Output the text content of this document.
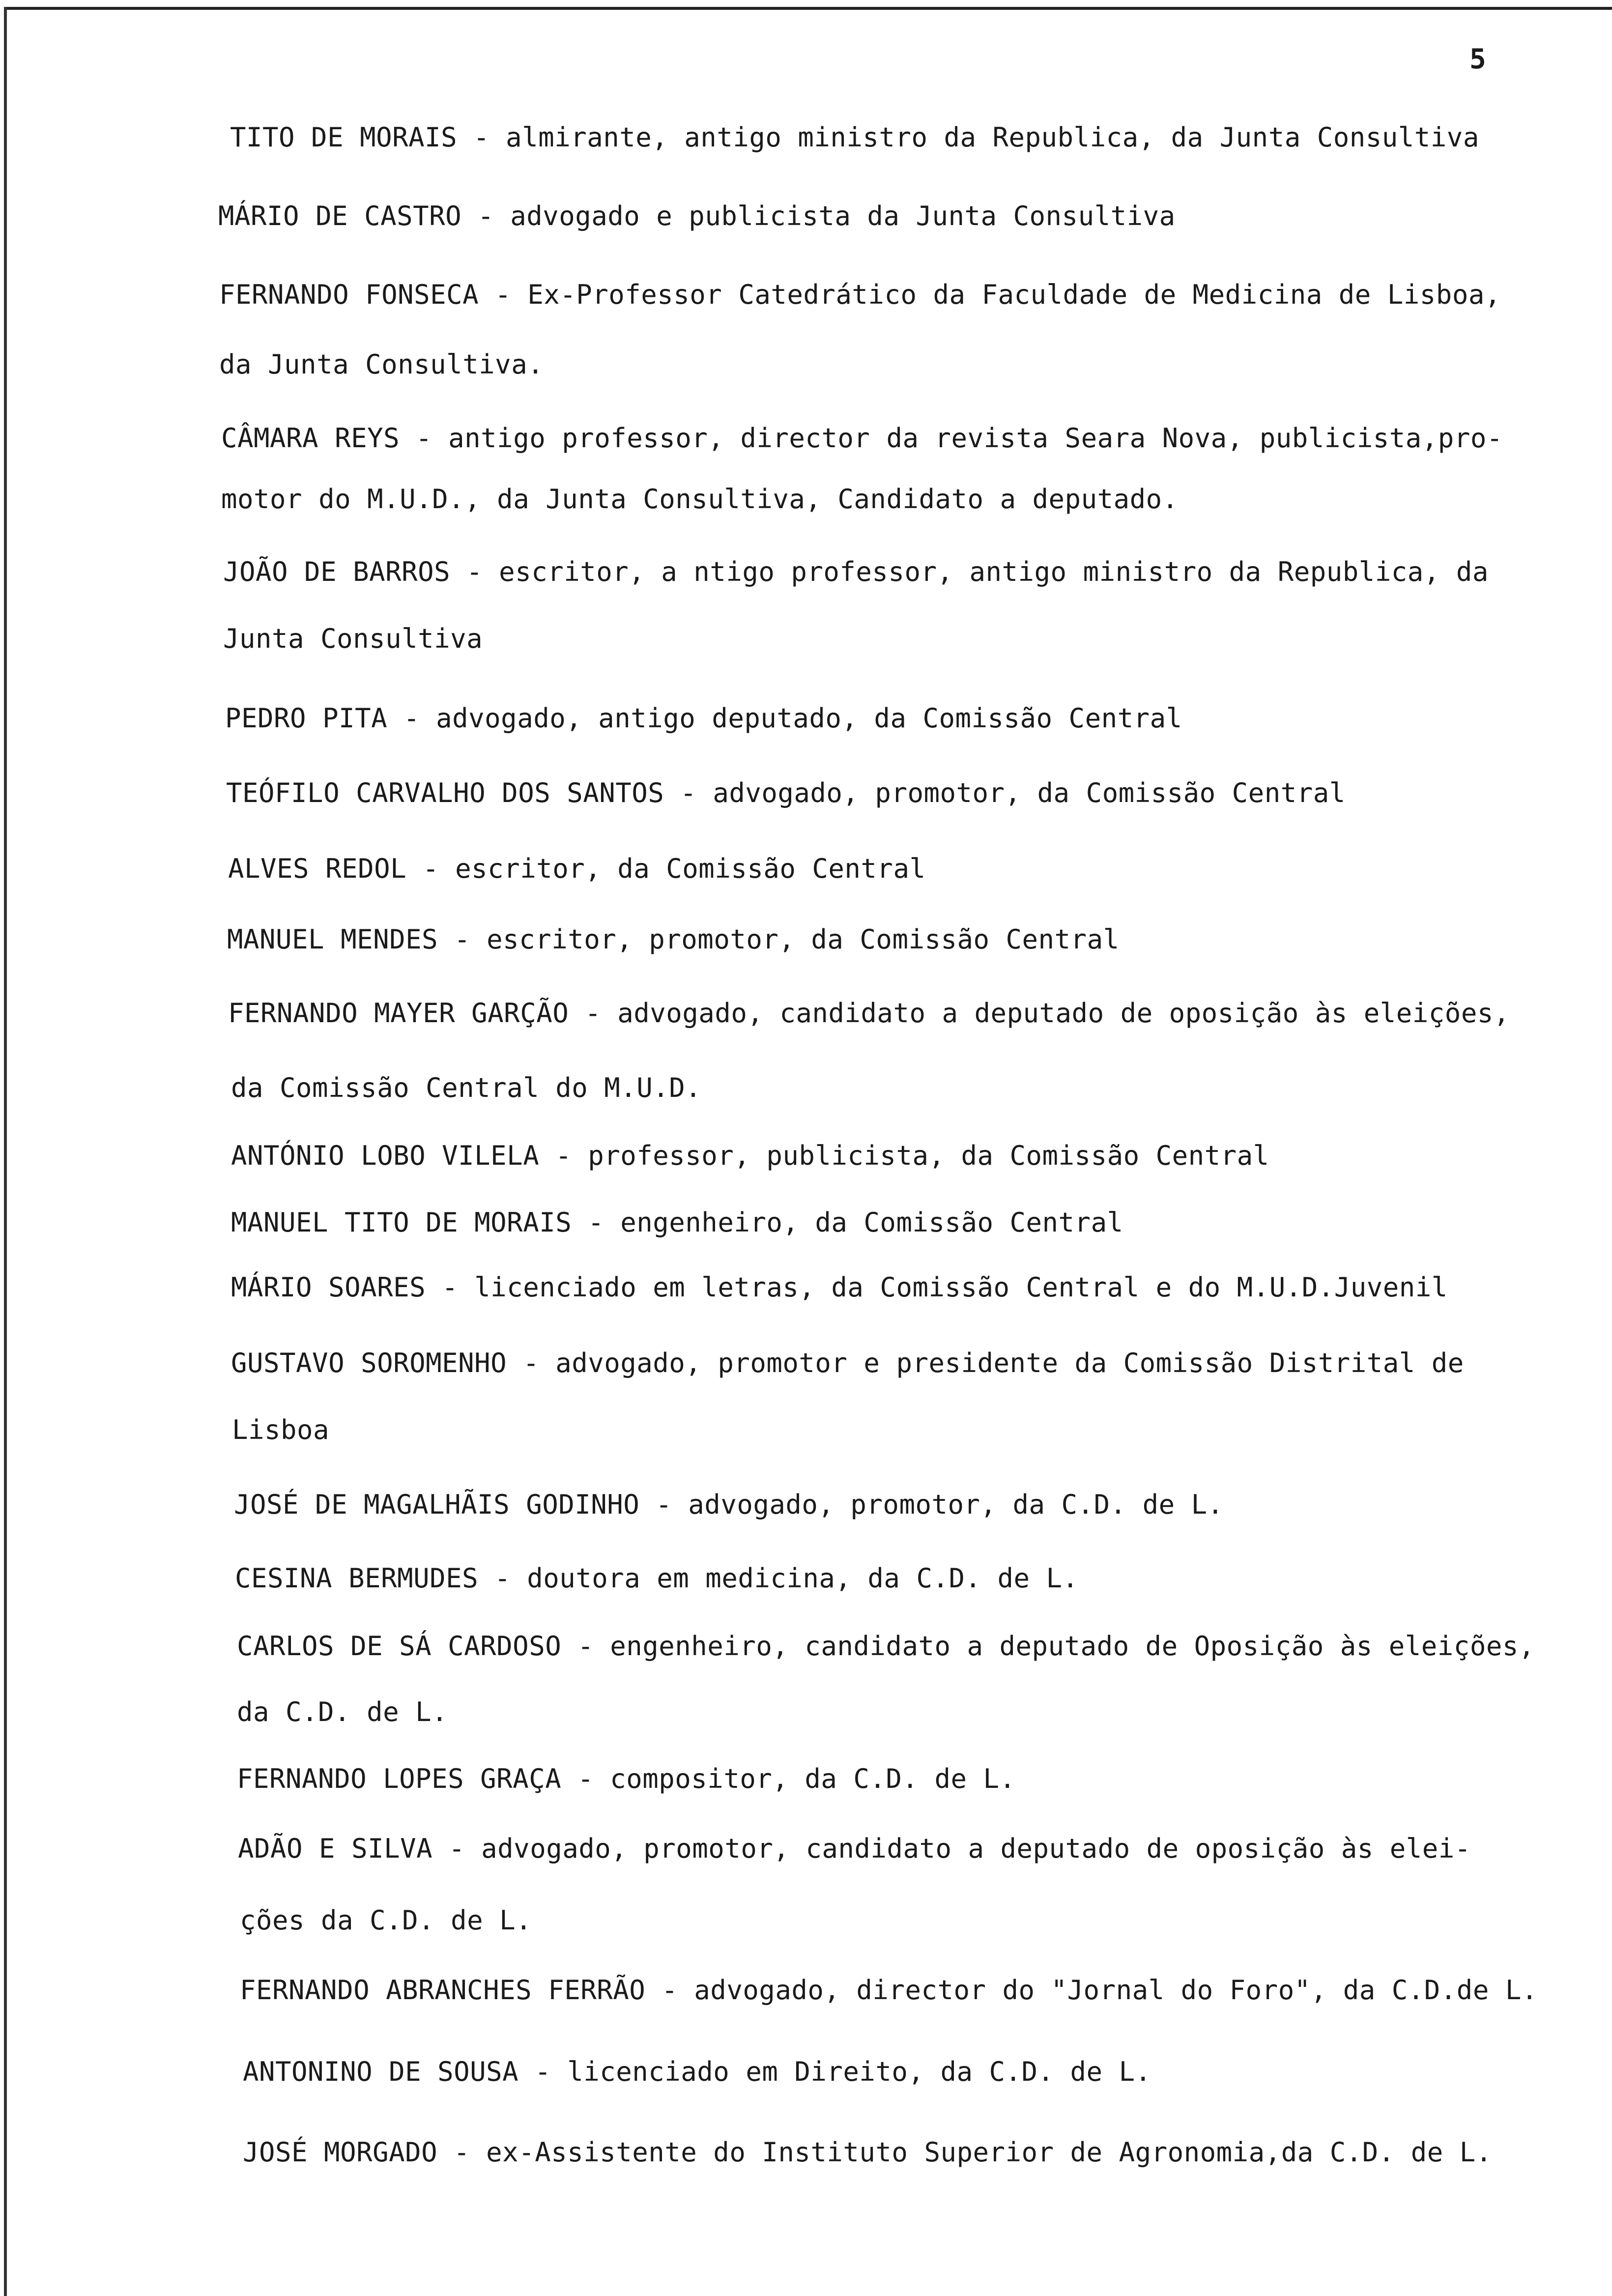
5
TITO DE MORAIS - almirante, antigo ministro da Republica, da Junta Consultiva
MÁRIO DE CASTRO - advogado e publicista da Junta Consultiva
FERNANDO FONSECA - Ex-Professor Catedrático da Faculdade de Medicina de Lisboa,
da Junta Consultiva.
CÂMARA REYS - antigo professor, director da revista Seara Nova, publicista,pro-
motor do M.U.D., da Junta Consultiva, Candidato a deputado.
JOÃO DE BARROS - escritor, a ntigo professor, antigo ministro da Republica, da
Junta Consultiva
PEDRO PITA - advogado, antigo deputado, da Comissão Central
TEÓFILO CARVALHO DOS SANTOS - advogado, promotor, da Comissão Central
ALVES REDOL - escritor, da Comissão Central
MANUEL MENDES - escritor, promotor, da Comissão Central
FERNANDO MAYER GARÇÃO - advogado, candidato a deputado de oposição às eleições,
da Comissão Central do M.U.D.
ANTÓNIO LOBO VILELA - professor, publicista, da Comissão Central
MANUEL TITO DE MORAIS - engenheiro, da Comissão Central
MÁRIO SOARES - licenciado em letras, da Comissão Central e do M.U.D.Juvenil
GUSTAVO SOROMENHO - advogado, promotor e presidente da Comissão Distrital de
Lisboa
JOSÉ DE MAGALHÃIS GODINHO - advogado, promotor, da C.D. de L.
CESINA BERMUDES - doutora em medicina, da C.D. de L.
CARLOS DE SÁ CARDOSO - engenheiro, candidato a deputado de Oposição às eleições,
da C.D. de L.
FERNANDO LOPES GRAÇA - compositor, da C.D. de L.
ADÃO E SILVA - advogado, promotor, candidato a deputado de oposição às elei-
ções da C.D. de L.
FERNANDO ABRANCHES FERRÃO - advogado, director do "Jornal do Foro", da C.D.de L.
ANTONINO DE SOUSA - licenciado em Direito, da C.D. de L.
JOSÉ MORGADO - ex-Assistente do Instituto Superior de Agronomia,da C.D. de L.
